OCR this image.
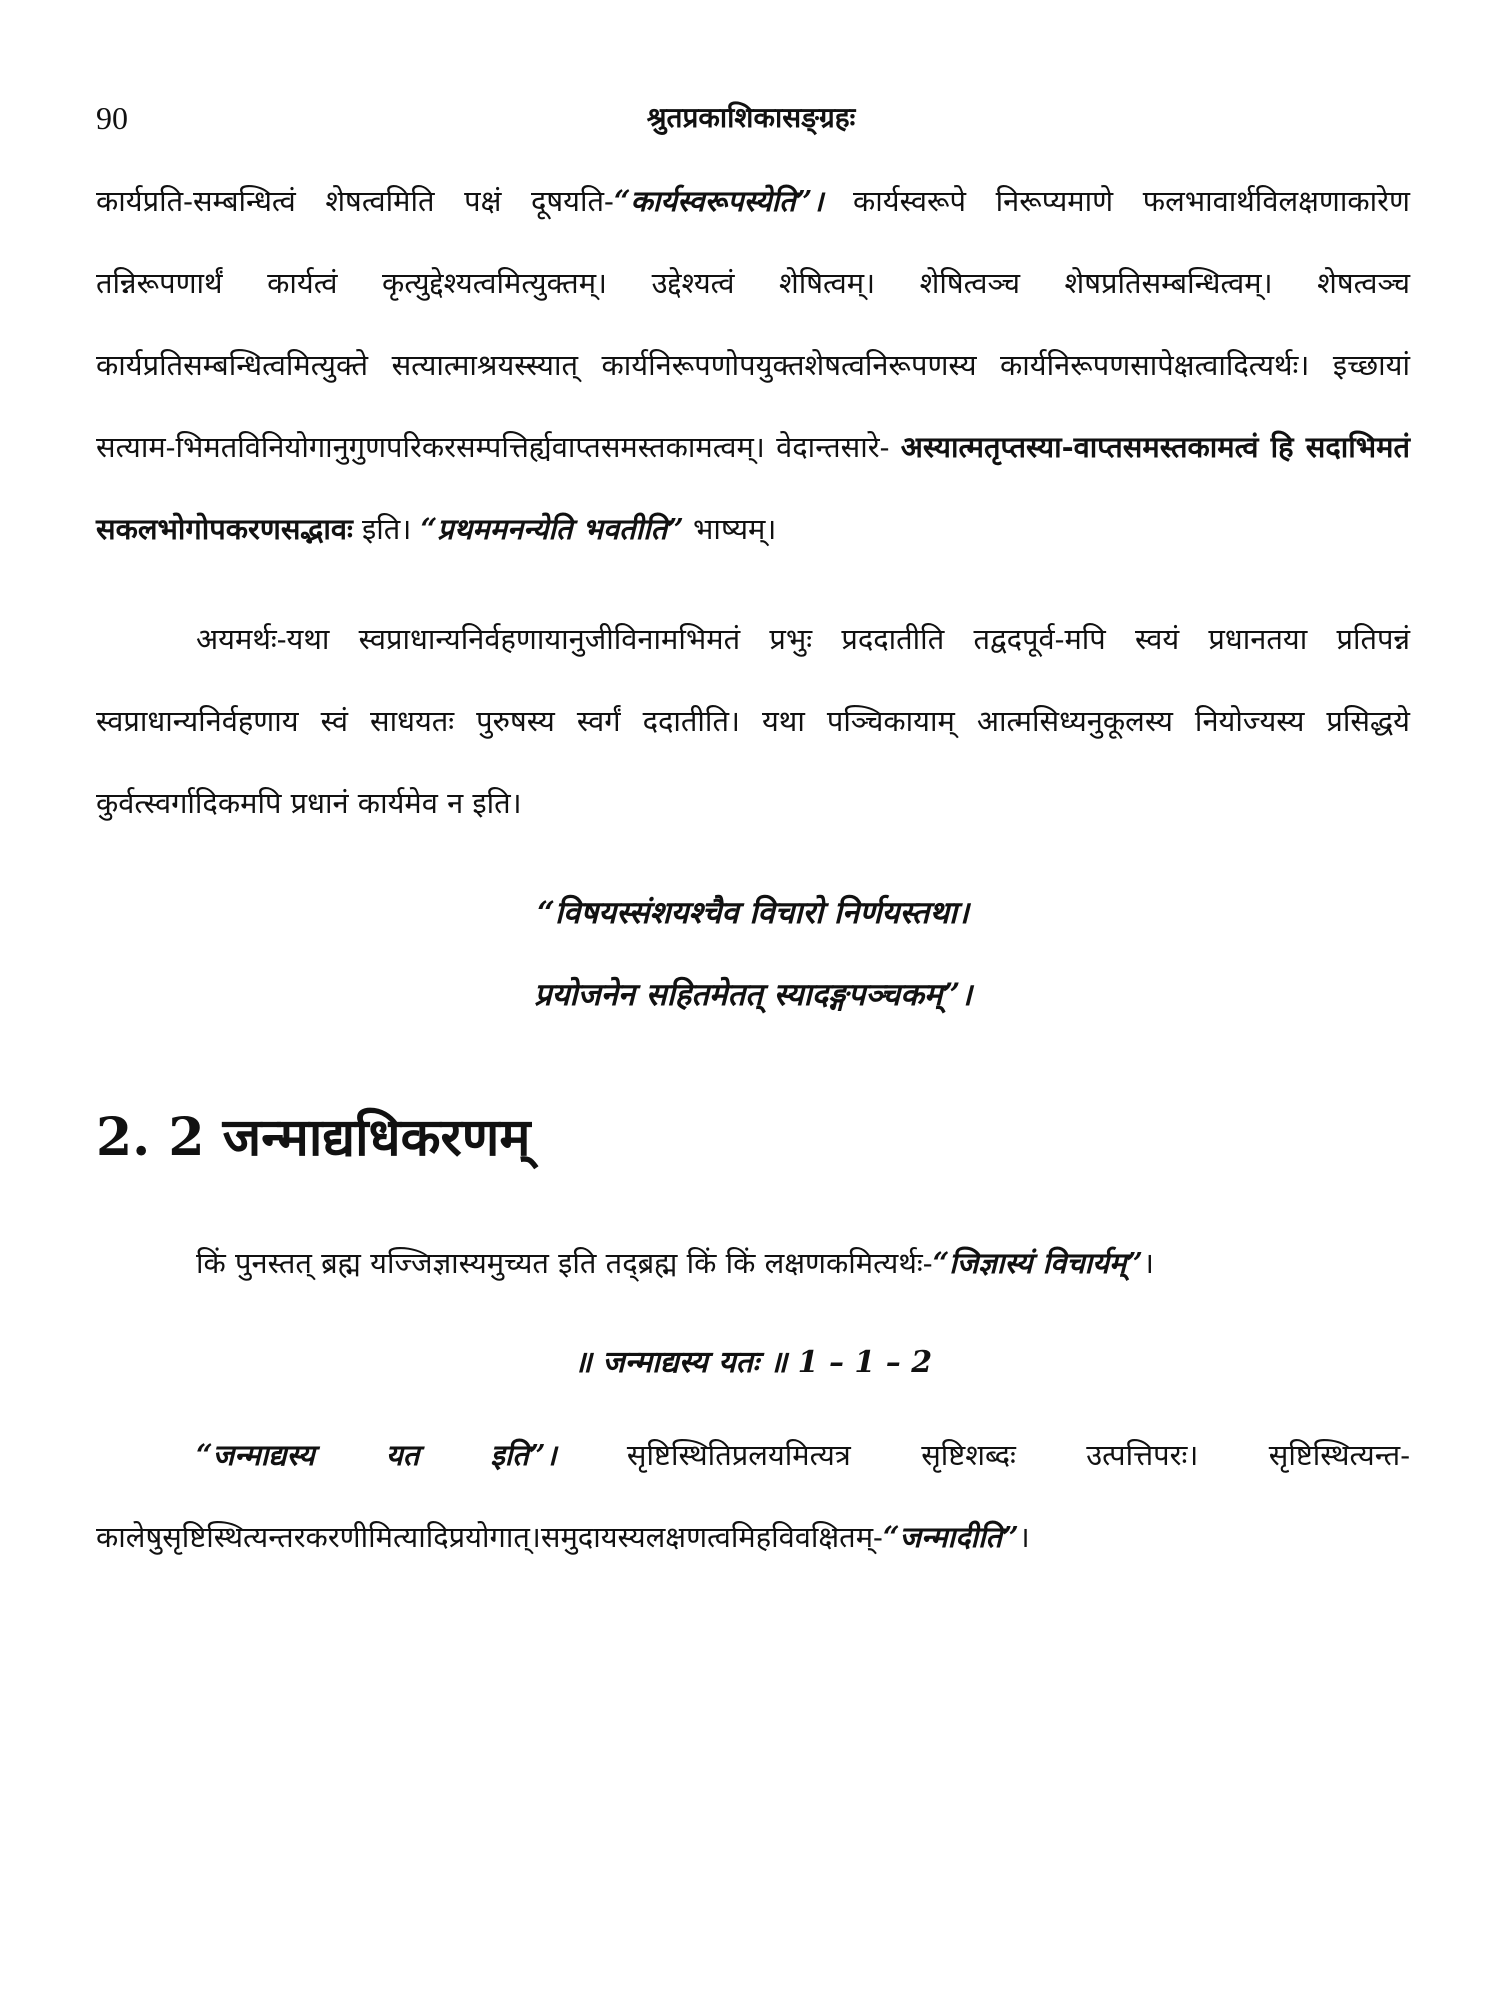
90	श्रुतप्रकाशिकासङ्ग्रहः

कार्यप्रति-सम्बन्धित्वं शेषत्वमिति पक्षं दूषयति-“कार्यस्वरूपस्येति”। कार्यस्वरूपे निरूप्यमाणे फलभावार्थविलक्षणाकारेण तन्निरूपणार्थं कार्यत्वं कृत्युद्देश्यत्वमित्युक्तम्। उद्देश्यत्वं शेषित्वम्। शेषित्वञ्च शेषप्रतिसम्बन्धित्वम्। शेषत्वञ्च कार्यप्रतिसम्बन्धित्वमित्युक्ते सत्यात्माश्रयस्स्यात् कार्यनिरूपणोपयुक्तशेषत्वनिरूपणस्य कार्यनिरूपणसापेक्षत्वादित्यर्थः। इच्छायां सत्याम-भिमतविनियोगानुगुणपरिकरसम्पत्तिर्ह्यवाप्तसमस्तकामत्वम्। वेदान्तसारे- अस्यात्मतृप्तस्या-वाप्तसमस्तकामत्वं हि सदाभिमतं सकलभोगोपकरणसद्भावः इति। “प्रथममनन्येति भवतीति” भाष्यम्।

अयमर्थः-यथा स्वप्राधान्यनिर्वहणायानुजीविनामभिमतं प्रभुः प्रददातीति तद्वदपूर्व-मपि स्वयं प्रधानतया प्रतिपन्नं स्वप्राधान्यनिर्वहणाय स्वं साधयतः पुरुषस्य स्वर्गं ददातीति। यथा पञ्चिकायाम् आत्मसिध्यनुकूलस्य नियोज्यस्य प्रसिद्धये कुर्वत्स्वर्गादिकमपि प्रधानं कार्यमेव न इति।

“विषयस्संशयश्चैव विचारो निर्णयस्तथा।
प्रयोजनेन सहितमेतत् स्यादङ्गपञ्चकम्”।
2. 2 जन्माद्यधिकरणम्

किं पुनस्तत् ब्रह्म यज्जिज्ञास्यमुच्यत इति तद्ब्रह्म किं किं लक्षणकमित्यर्थः-“जिज्ञास्यं विचार्यम्”।

॥ जन्माद्यस्य यतः ॥ 1 – 1 – 2

“जन्माद्यस्य यत इति”। सृष्टिस्थितिप्रलयमित्यत्र सृष्टिशब्दः उत्पत्तिपरः। सृष्टिस्थित्यन्त-कालेषुसृष्टिस्थित्यन्तरकरणीमित्यादिप्रयोगात्।समुदायस्यलक्षणत्वमिहविवक्षितम्-“जन्मादीति”।
